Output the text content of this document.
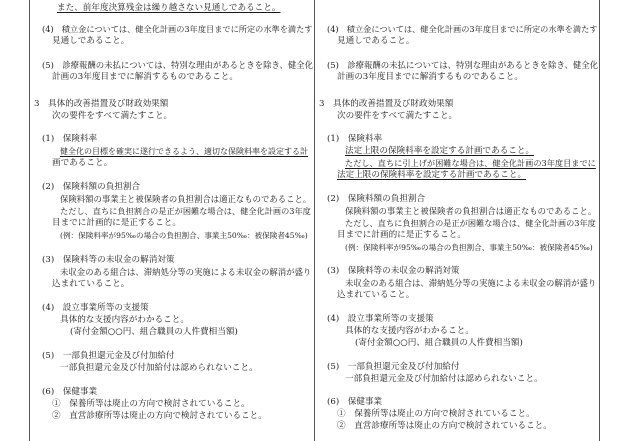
また、前年度決算残金は繰り越さない見通しであること。
(4)　積立金については、健全化計画の3年度目までに所定の水準を満たす
見通しであること。
(5)　診療報酬の未払については、特別な理由があるときを除き、健全化
計画の3年度目までに解消するものであること。
3　具体的改善措置及び財政効果額
次の要件をすべて満たすこと。
(1)　保険料率
健全化の目標を確実に遂行できるよう、適切な保険料率を設定する計
画であること。
(2)　保険料額の負担割合
保険料額の事業主と被保険者の負担割合は適正なものであること。
ただし、直ちに負担割合の是正が困難な場合は、健全化計画の3年度
目までに計画的に是正すること。
(例：保険料率が95‰の場合の負担割合、事業主50‰：被保険者45‰)
(3)　保険料等の未収金の解消対策
未収金のある組合は、滞納処分等の実施による未収金の解消が盛り
込まれていること。
(4)　設立事業所等の支援策
具体的な支援内容がわかること。
(寄付金額○○円、組合職員の人件費相当額)
(5)　一部負担還元金及び付加給付
一部負担還元金及び付加給付は認められないこと。
(6)　保健事業
①　保養所等は廃止の方向で検討されていること。
②　直営診療所等は廃止の方向で検討されていること。
(4)　積立金については、健全化計画の3年度目までに所定の水準を満たす
見通しであること。
(5)　診療報酬の未払については、特別な理由があるときを除き、健全化
計画の3年度目までに解消するものであること。
3　具体的改善措置及び財政効果額
次の要件をすべて満たすこと。
(1)　保険料率
法定上限の保険料率を設定する計画であること。
ただし、直ちに引上げが困難な場合は、健全化計画の3年度目までに
法定上限の保険料率を設定する計画であること。
(2)　保険料額の負担割合
保険料額の事業主と被保険者の負担割合は適正なものであること。
ただし、直ちに負担割合の是正が困難な場合は、健全化計画の3年度
目までに計画的に是正すること。
(例：保険料率が95‰の場合の負担割合、事業主50‰：被保険者45‰)
(3)　保険料等の未収金の解消対策
未収金のある組合は、滞納処分等の実施による未収金の解消が盛り
込まれていること。
(4)　設立事業所等の支援策
具体的な支援内容がわかること。
(寄付金額○○円、組合職員の人件費相当額)
(5)　一部負担還元金及び付加給付
一部負担還元金及び付加給付は認められないこと。
(6)　保健事業
①　保養所等は廃止の方向で検討されていること。
②　直営診療所等は廃止の方向で検討されていること。
